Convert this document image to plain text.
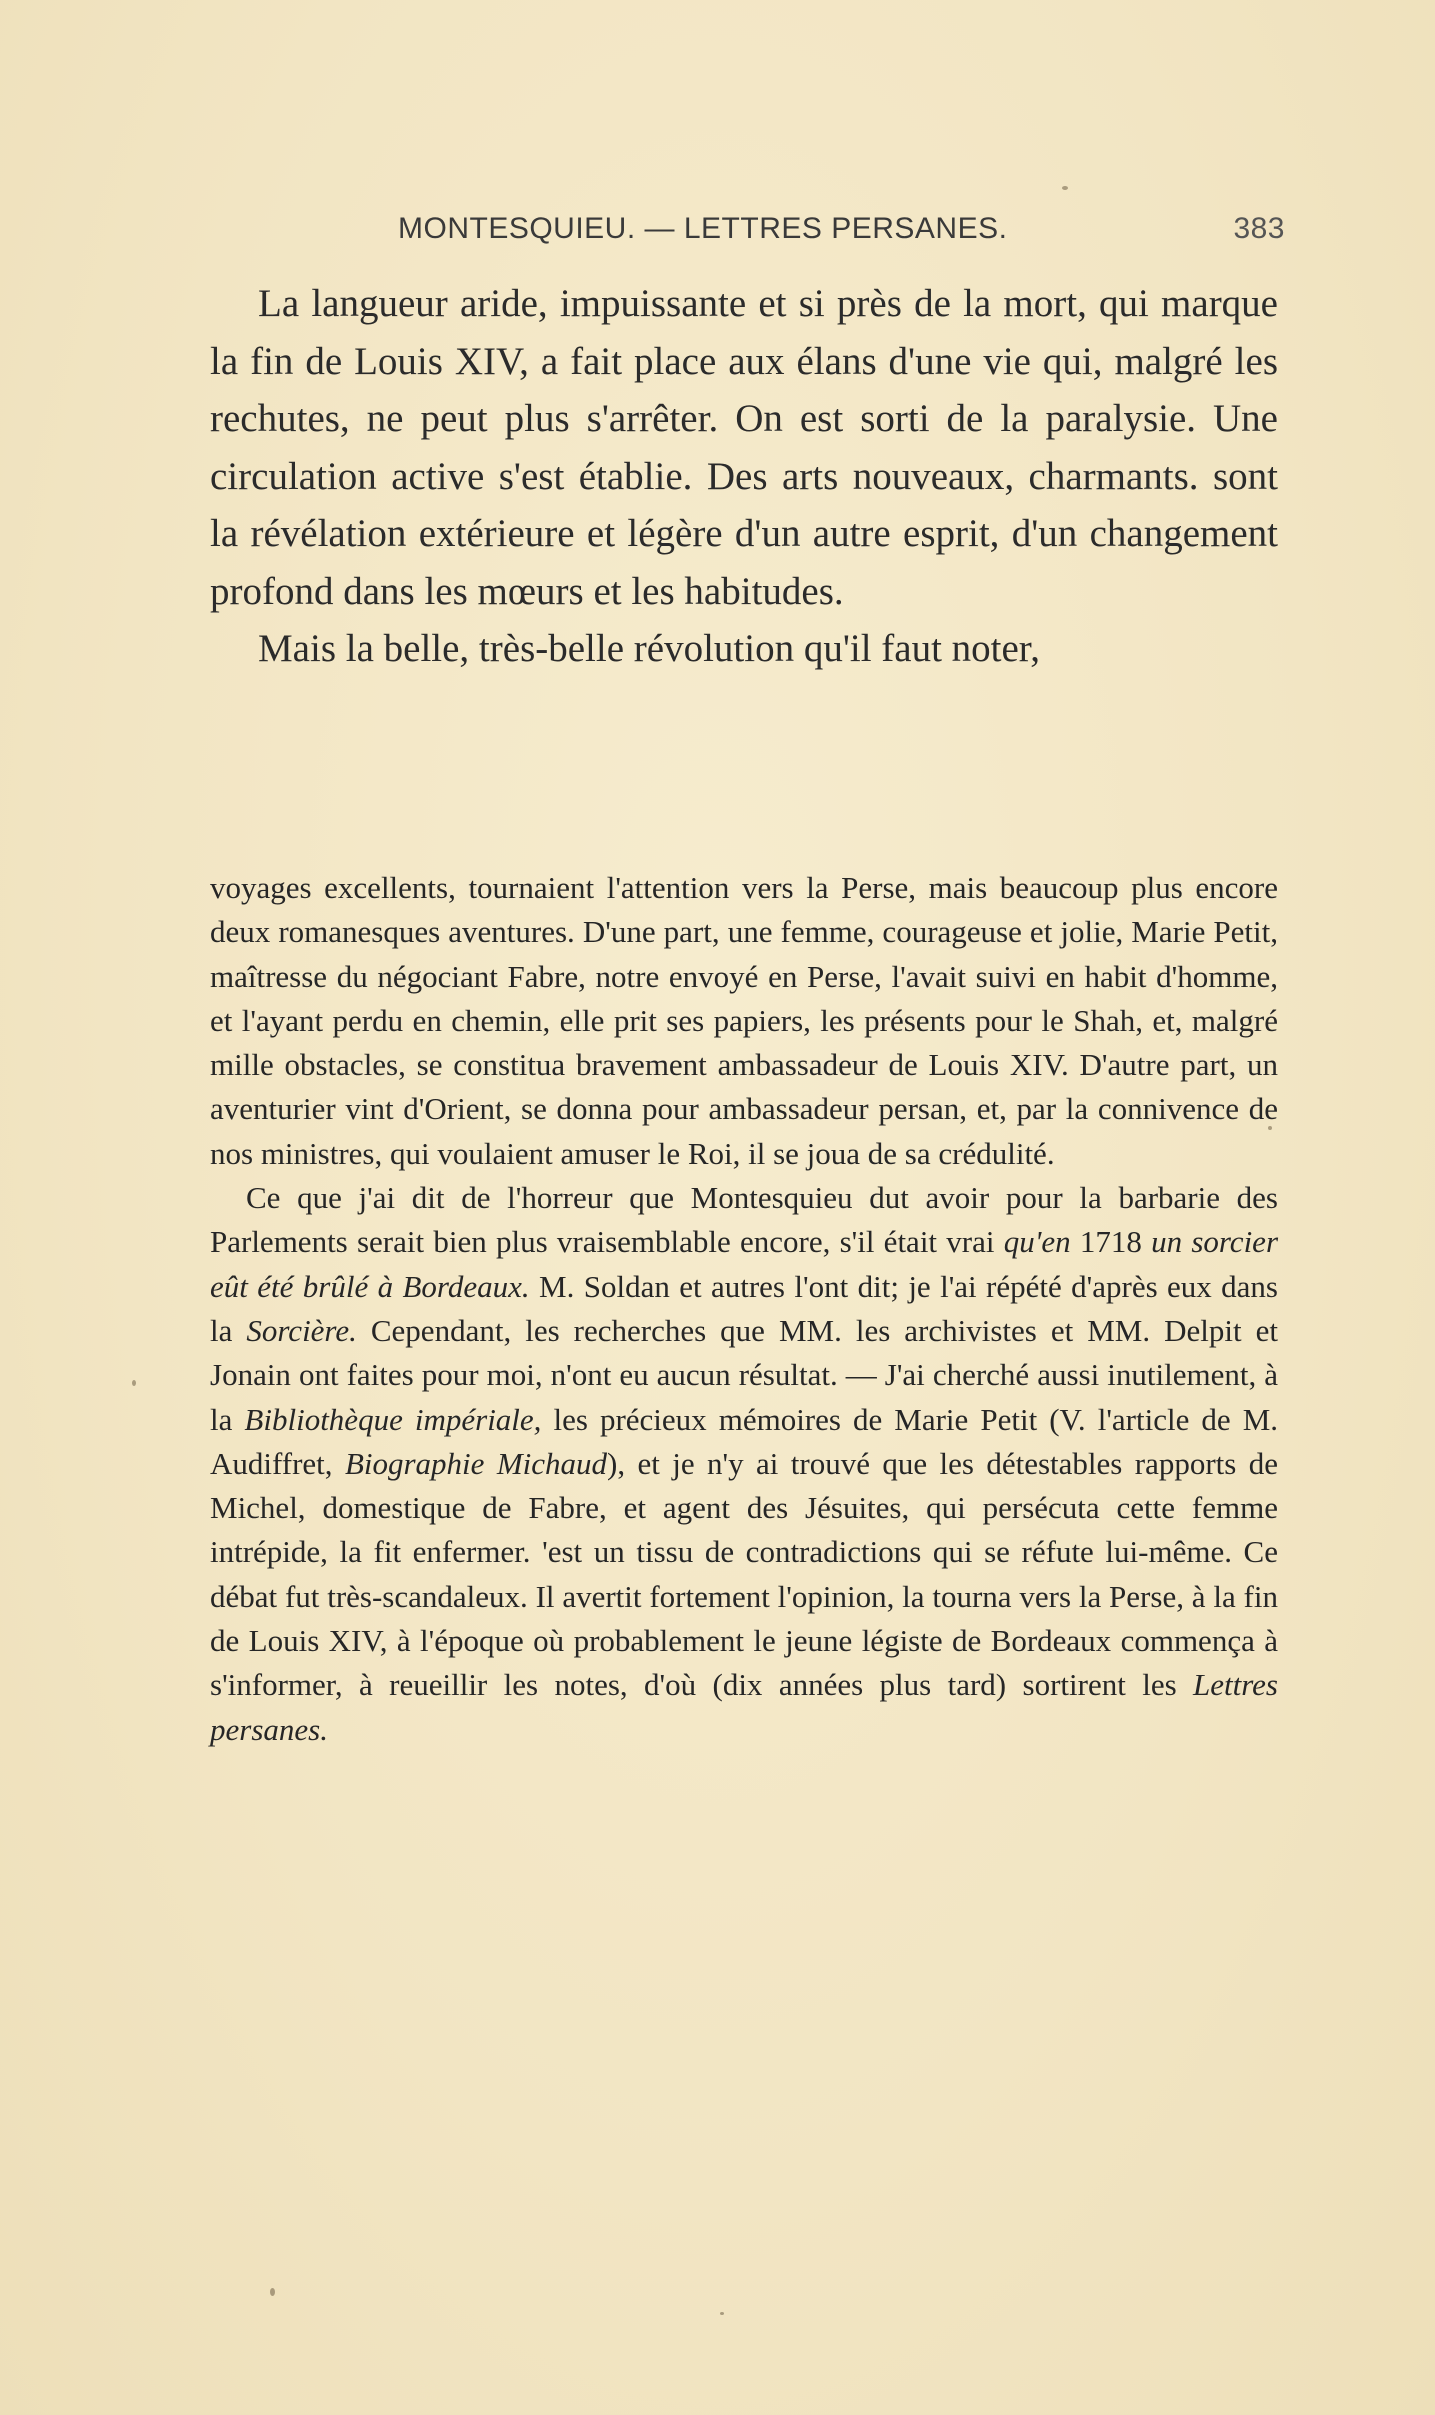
MONTESQUIEU. — LETTRES PERSANES.	383

La langueur aride, impuissante et si près de la mort, qui marque la fin de Louis XIV, a fait place aux élans d'une vie qui, malgré les rechutes, ne peut plus s'arrêter. On est sorti de la paralysie. Une circulation active s'est établie. Des arts nouveaux, charmants. sont la révélation extérieure et légère d'un autre esprit, d'un changement profond dans les mœurs et les habitudes.

Mais la belle, très-belle révolution qu'il faut noter,

voyages excellents, tournaient l'attention vers la Perse, mais beaucoup plus encore deux romanesques aventures. D'une part, une femme, courageuse et jolie, Marie Petit, maîtresse du négociant Fabre, notre envoyé en Perse, l'avait suivi en habit d'homme, et l'ayant perdu en chemin, elle prit ses papiers, les présents pour le Shah, et, malgré mille obstacles, se constitua bravement ambassadeur de Louis XIV. D'autre part, un aventurier vint d'Orient, se donna pour ambassadeur persan, et, par la connivence de nos ministres, qui voulaient amuser le Roi, il se joua de sa crédulité.

Ce que j'ai dit de l'horreur que Montesquieu dut avoir pour la barbarie des Parlements serait bien plus vraisemblable encore, s'il était vrai qu'en 1718 un sorcier eût été brûlé à Bordeaux. M. Soldan et autres l'ont dit; je l'ai répété d'après eux dans la Sorcière. Cependant, les recherches que MM. les archivistes et MM. Delpit et Jonain ont faites pour moi, n'ont eu aucun résultat. — J'ai cherché aussi inutilement, à la Bibliothèque impériale, les précieux mémoires de Marie Petit (V. l'article de M. Audiffret, Biographie Michaud), et je n'y ai trouvé que les détestables rapports de Michel, domestique de Fabre, et agent des Jésuites, qui persécuta cette femme intrépide, la fit enfermer. 'est un tissu de contradictions qui se réfute lui-même. Ce débat fut très-scandaleux. Il avertit fortement l'opinion, la tourna vers la Perse, à la fin de Louis XIV, à l'époque où probablement le jeune légiste de Bordeaux commença à s'informer, à reueillir les notes, d'où (dix années plus tard) sortirent les Lettres persanes.
